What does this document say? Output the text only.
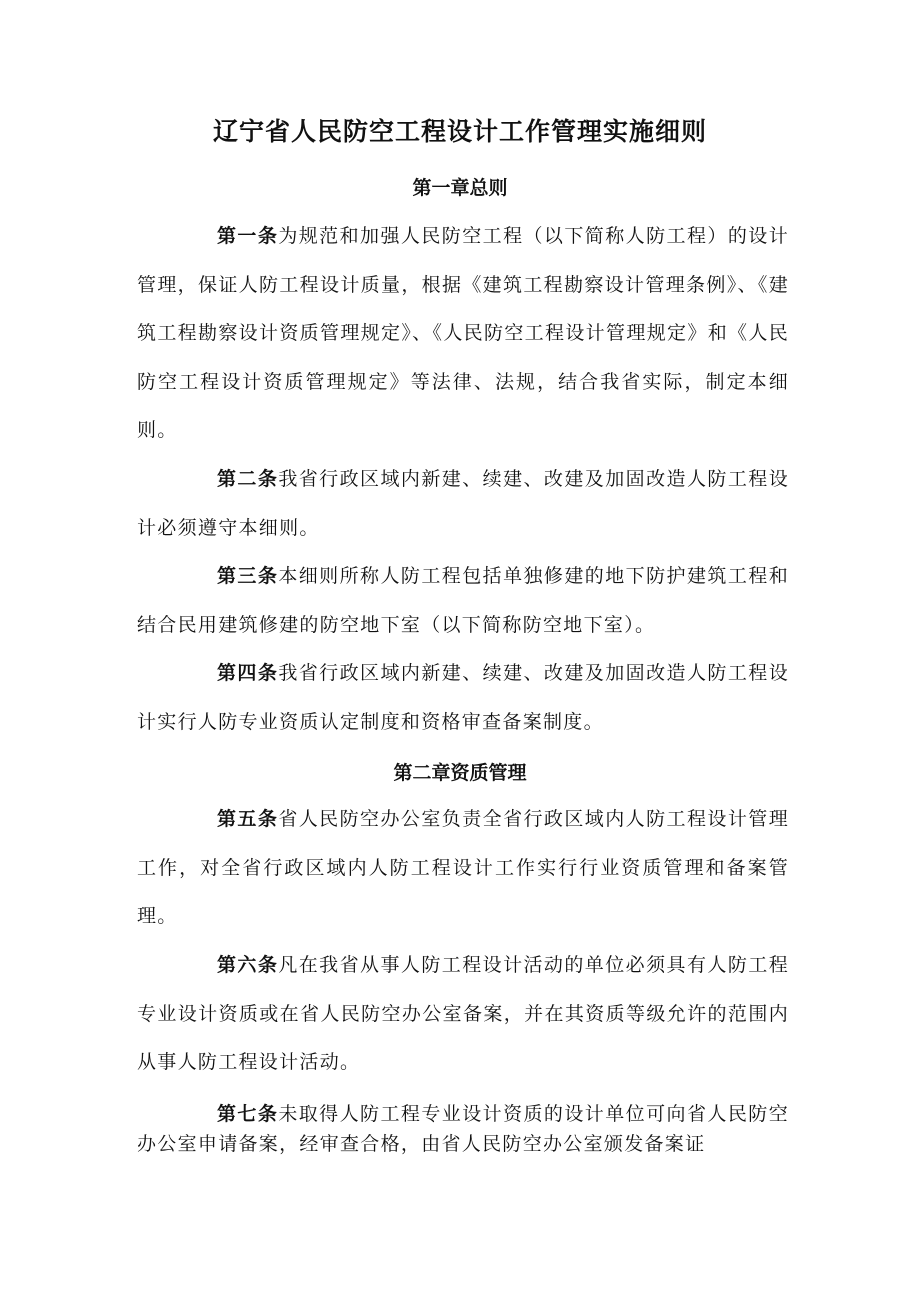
辽宁省人民防空工程设计工作管理实施细则
第一章总则

第一条为规范和加强人民防空工程（以下简称人防工程）的设计管理，保证人防工程设计质量，根据《建筑工程勘察设计管理条例》、《建筑工程勘察设计资质管理规定》、《人民防空工程设计管理规定》和《人民防空工程设计资质管理规定》等法律、法规，结合我省实际，制定本细则。

第二条我省行政区域内新建、续建、改建及加固改造人防工程设计必须遵守本细则。

第三条本细则所称人防工程包括单独修建的地下防护建筑工程和结合民用建筑修建的防空地下室（以下简称防空地下室）。

第四条我省行政区域内新建、续建、改建及加固改造人防工程设计实行人防专业资质认定制度和资格审查备案制度。

第二章资质管理

第五条省人民防空办公室负责全省行政区域内人防工程设计管理工作，对全省行政区域内人防工程设计工作实行行业资质管理和备案管理。

第六条凡在我省从事人防工程设计活动的单位必须具有人防工程专业设计资质或在省人民防空办公室备案，并在其资质等级允许的范围内从事人防工程设计活动。

第七条未取得人防工程专业设计资质的设计单位可向省人民防空办公室申请备案，经审查合格，由省人民防空办公室颁发备案证
